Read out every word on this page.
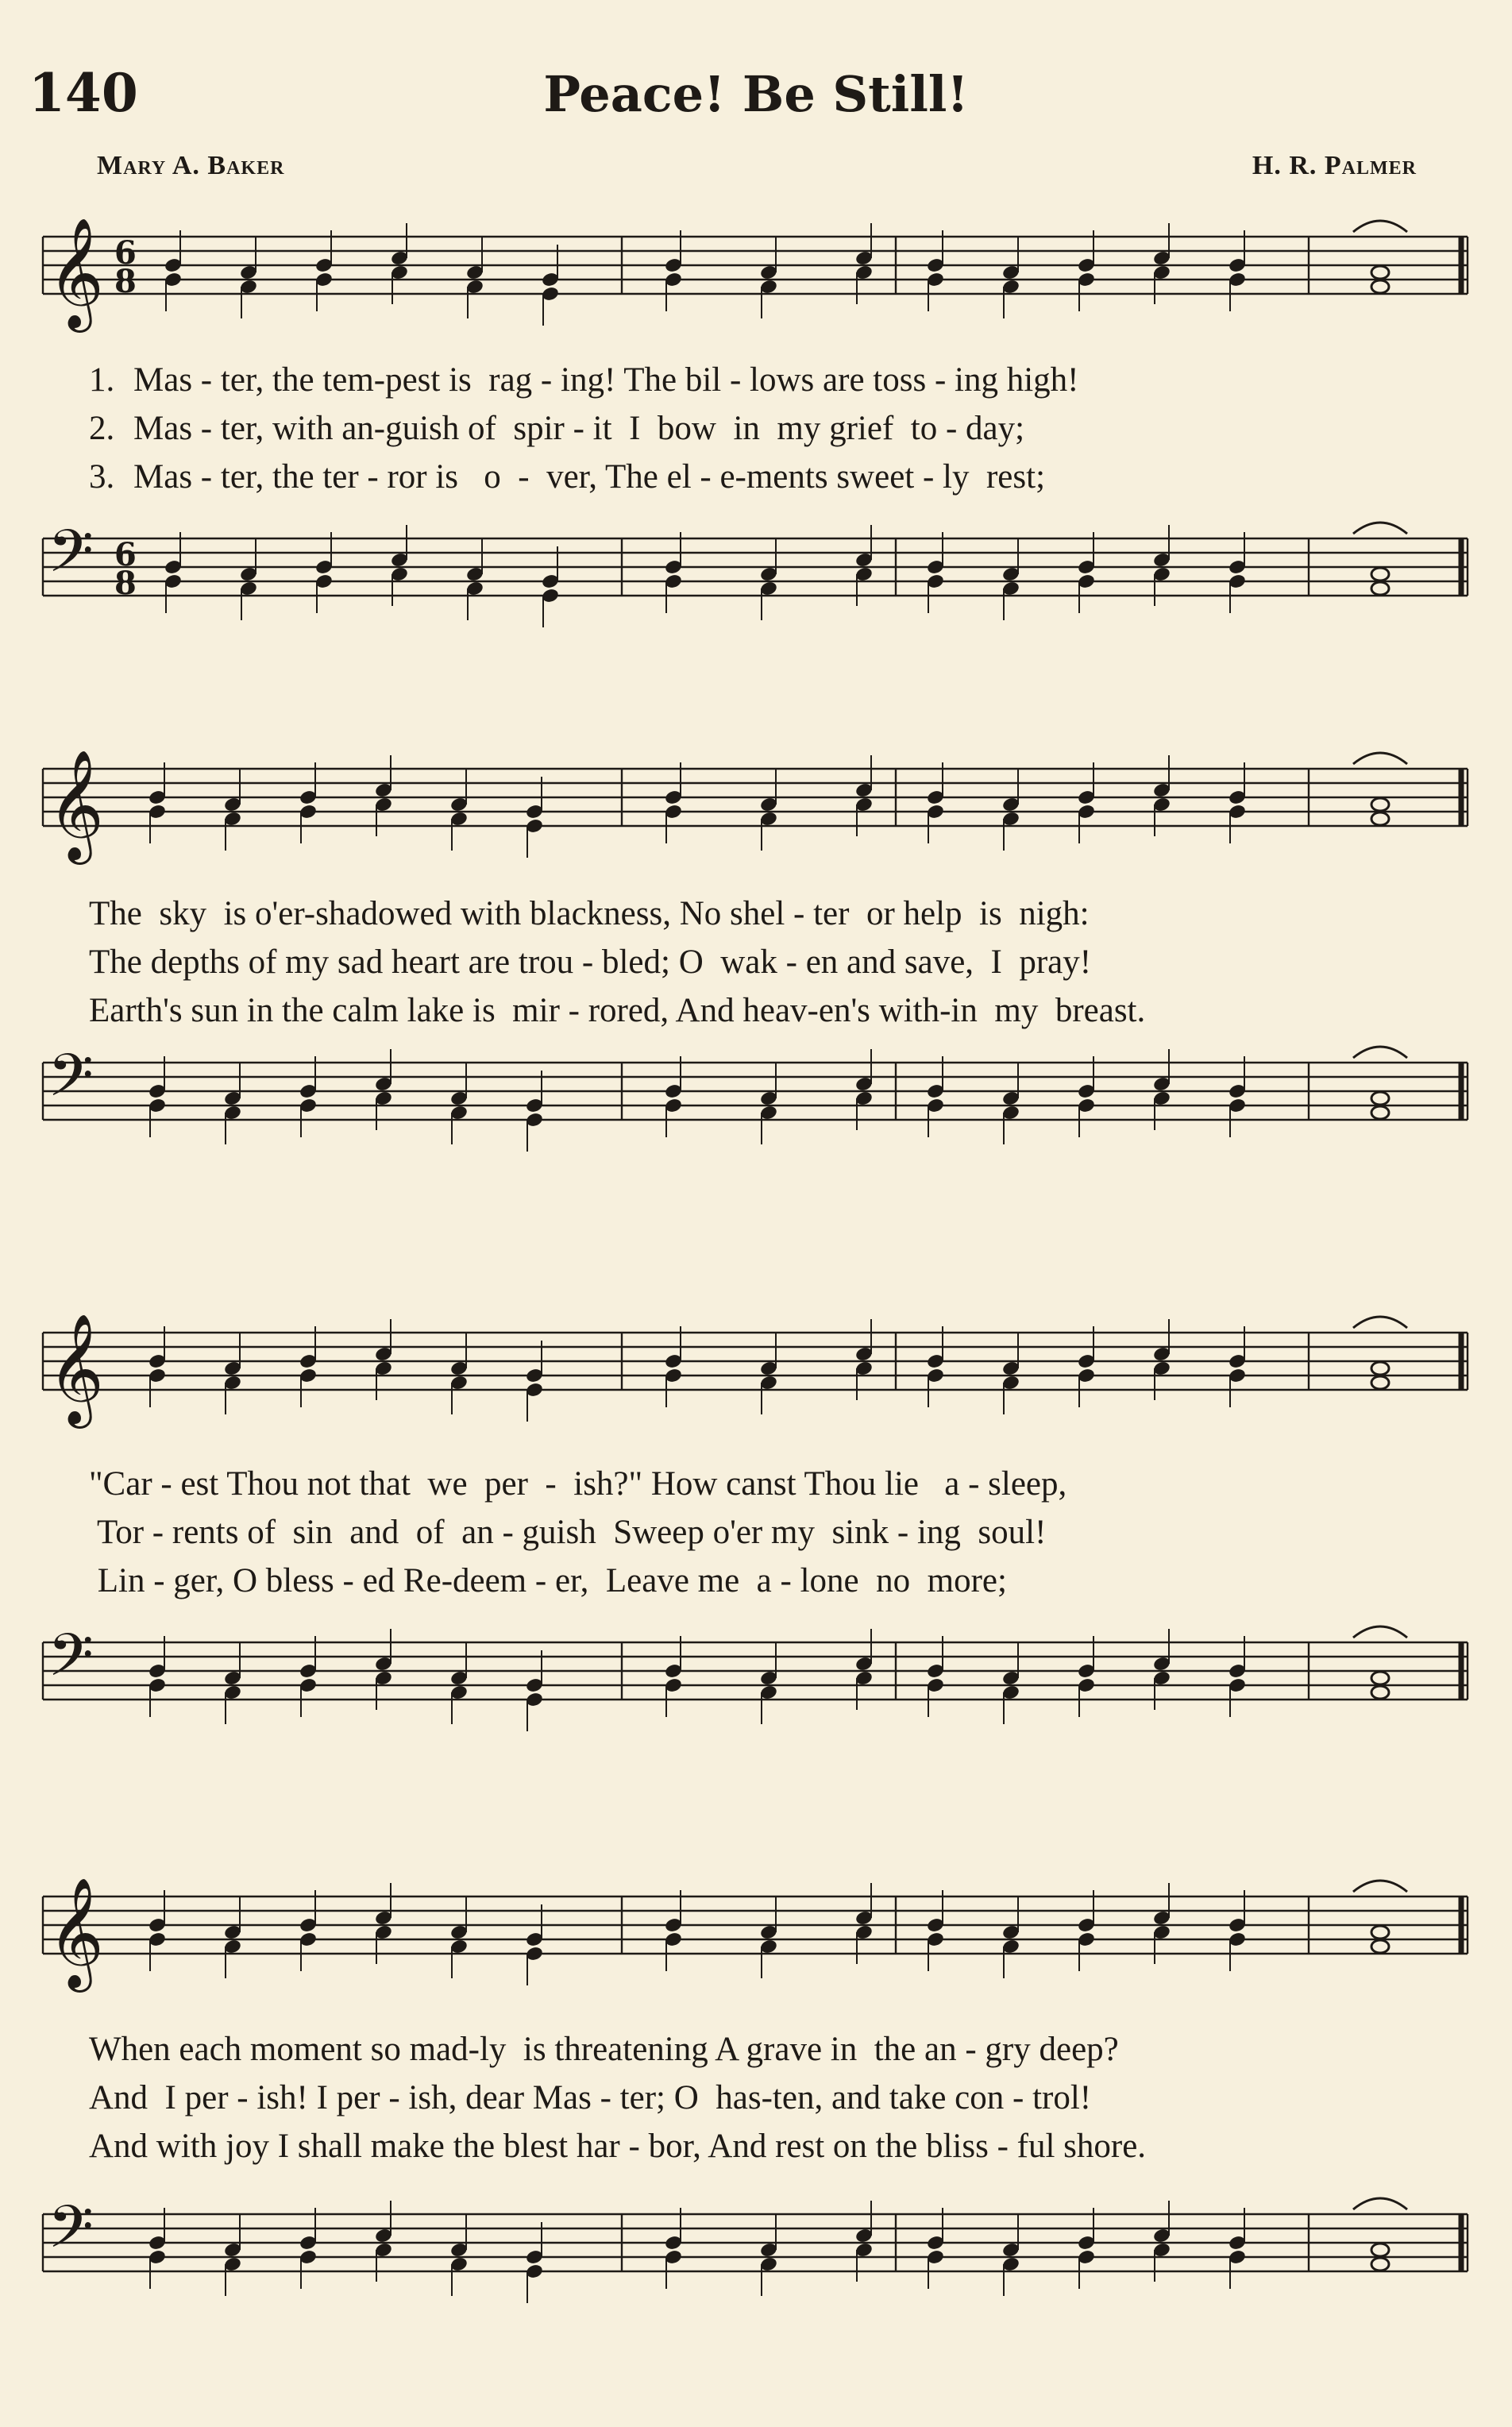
140	Peace! Be Still!
Mary A. Baker	H. R. Palmer
𝄞 6
8
1. Mas - ter, the tem-pest is  rag - ing! The bil - lows are toss - ing high!
2. Mas - ter, with an-guish of  spir - it  I  bow  in  my grief  to - day;
3. Mas - ter, the ter - ror is   o  -  ver, The el - e-ments sweet - ly  rest;
𝄢 6
8
𝄞
The  sky  is o'er-shadowed with blackness, No shel - ter  or help  is  nigh:
The depths of my sad heart are trou - bled; O  wak - en and save,  I  pray!
Earth's sun in the calm lake is  mir - rored, And heav-en's with-in  my  breast.
𝄢
𝄞
"Car - est Thou not that  we  per  -  ish?" How canst Thou lie   a - sleep,
Tor - rents of  sin  and  of  an - guish  Sweep o'er my  sink - ing  soul!
Lin - ger, O bless - ed Re-deem - er,  Leave me  a - lone  no  more;
𝄢
𝄞
When each moment so mad-ly  is threatening A grave in  the an - gry deep?
And  I per - ish! I per - ish, dear Mas - ter; O  has-ten, and take con - trol!
And with joy I shall make the blest har - bor, And rest on the bliss - ful shore.
𝄢
